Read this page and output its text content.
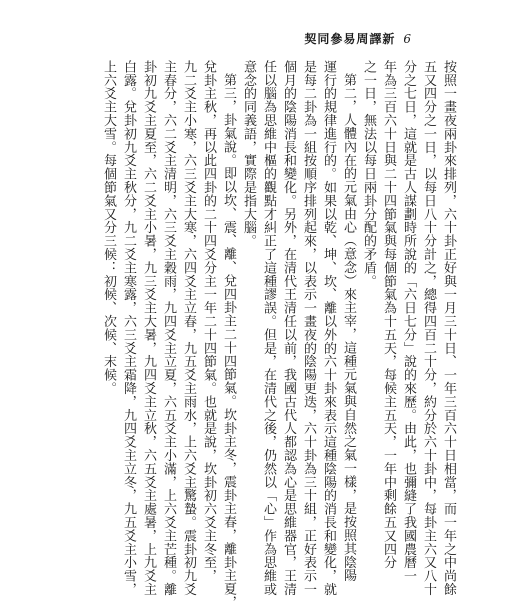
契同參易周譯新 6
按照一畫夜兩卦來排列，六十卦正好與一月三十日、一年三百六十日相當，而一年之中尚餘
五又四分之一日，以每日八十分計之，總得四百二十分，約分於六十卦中，每卦主六又八十
分之七日，這就是古人謀劃時所說的「六日七分」說的來歷。由此，也彌縫了我國農曆一
年為三百六十日與二十四節氣與每個節氣為十五天，每候主五天，一年中剩餘五又四分
之一日，無法以每日兩卦分配的矛盾。
第二，人體內在的元氣由心（意念）來主宰，這種元氣與自然之氣一樣，是按照其陰陽
運行的規律進行的。如果以乾、坤、坎、離以外的六十卦來表示這種陰陽的消長和變化，就
是每二卦為一組按順序排列起來，以表示一畫夜的陰陽更迭，六十卦為三十組，正好表示一
個月的陰陽消長和變化。另外，在清代王清任以前，我國古代人都認為心是思維器官，王清
任以腦為思維中樞的觀點才糾正了這種謬誤。但是，在清代之後，仍然以「心」作為思維或
意念的同義語，實際是指大腦。
第三，卦氣說。即以坎、震、離、兌四卦主二十四節氣。坎卦主冬，震卦主春，離卦主夏，
兌卦主秋，再以此四卦的二十四爻分主一年二十四節氣。也就是說，坎卦初六爻主冬至，
九二爻主小寒，六三爻主大寒，六四爻主立春，九五爻主雨水，上六爻主驚蟄。震卦初九爻
主春分，六二爻主清明，六三爻主穀雨，九四爻主立夏，六五爻主小滿，上六爻主芒種。離
卦初九爻主夏至，六二爻主小暑，九三爻主大暑，九四爻主立秋，六五爻主處暑，上九爻主
白露。兌卦初九爻主秋分，九二爻主寒露，六三爻主霜降，九四爻主立冬，九五爻主小雪，
上六爻主大雪。每個節氣又分三候：初候、次候、末候。
